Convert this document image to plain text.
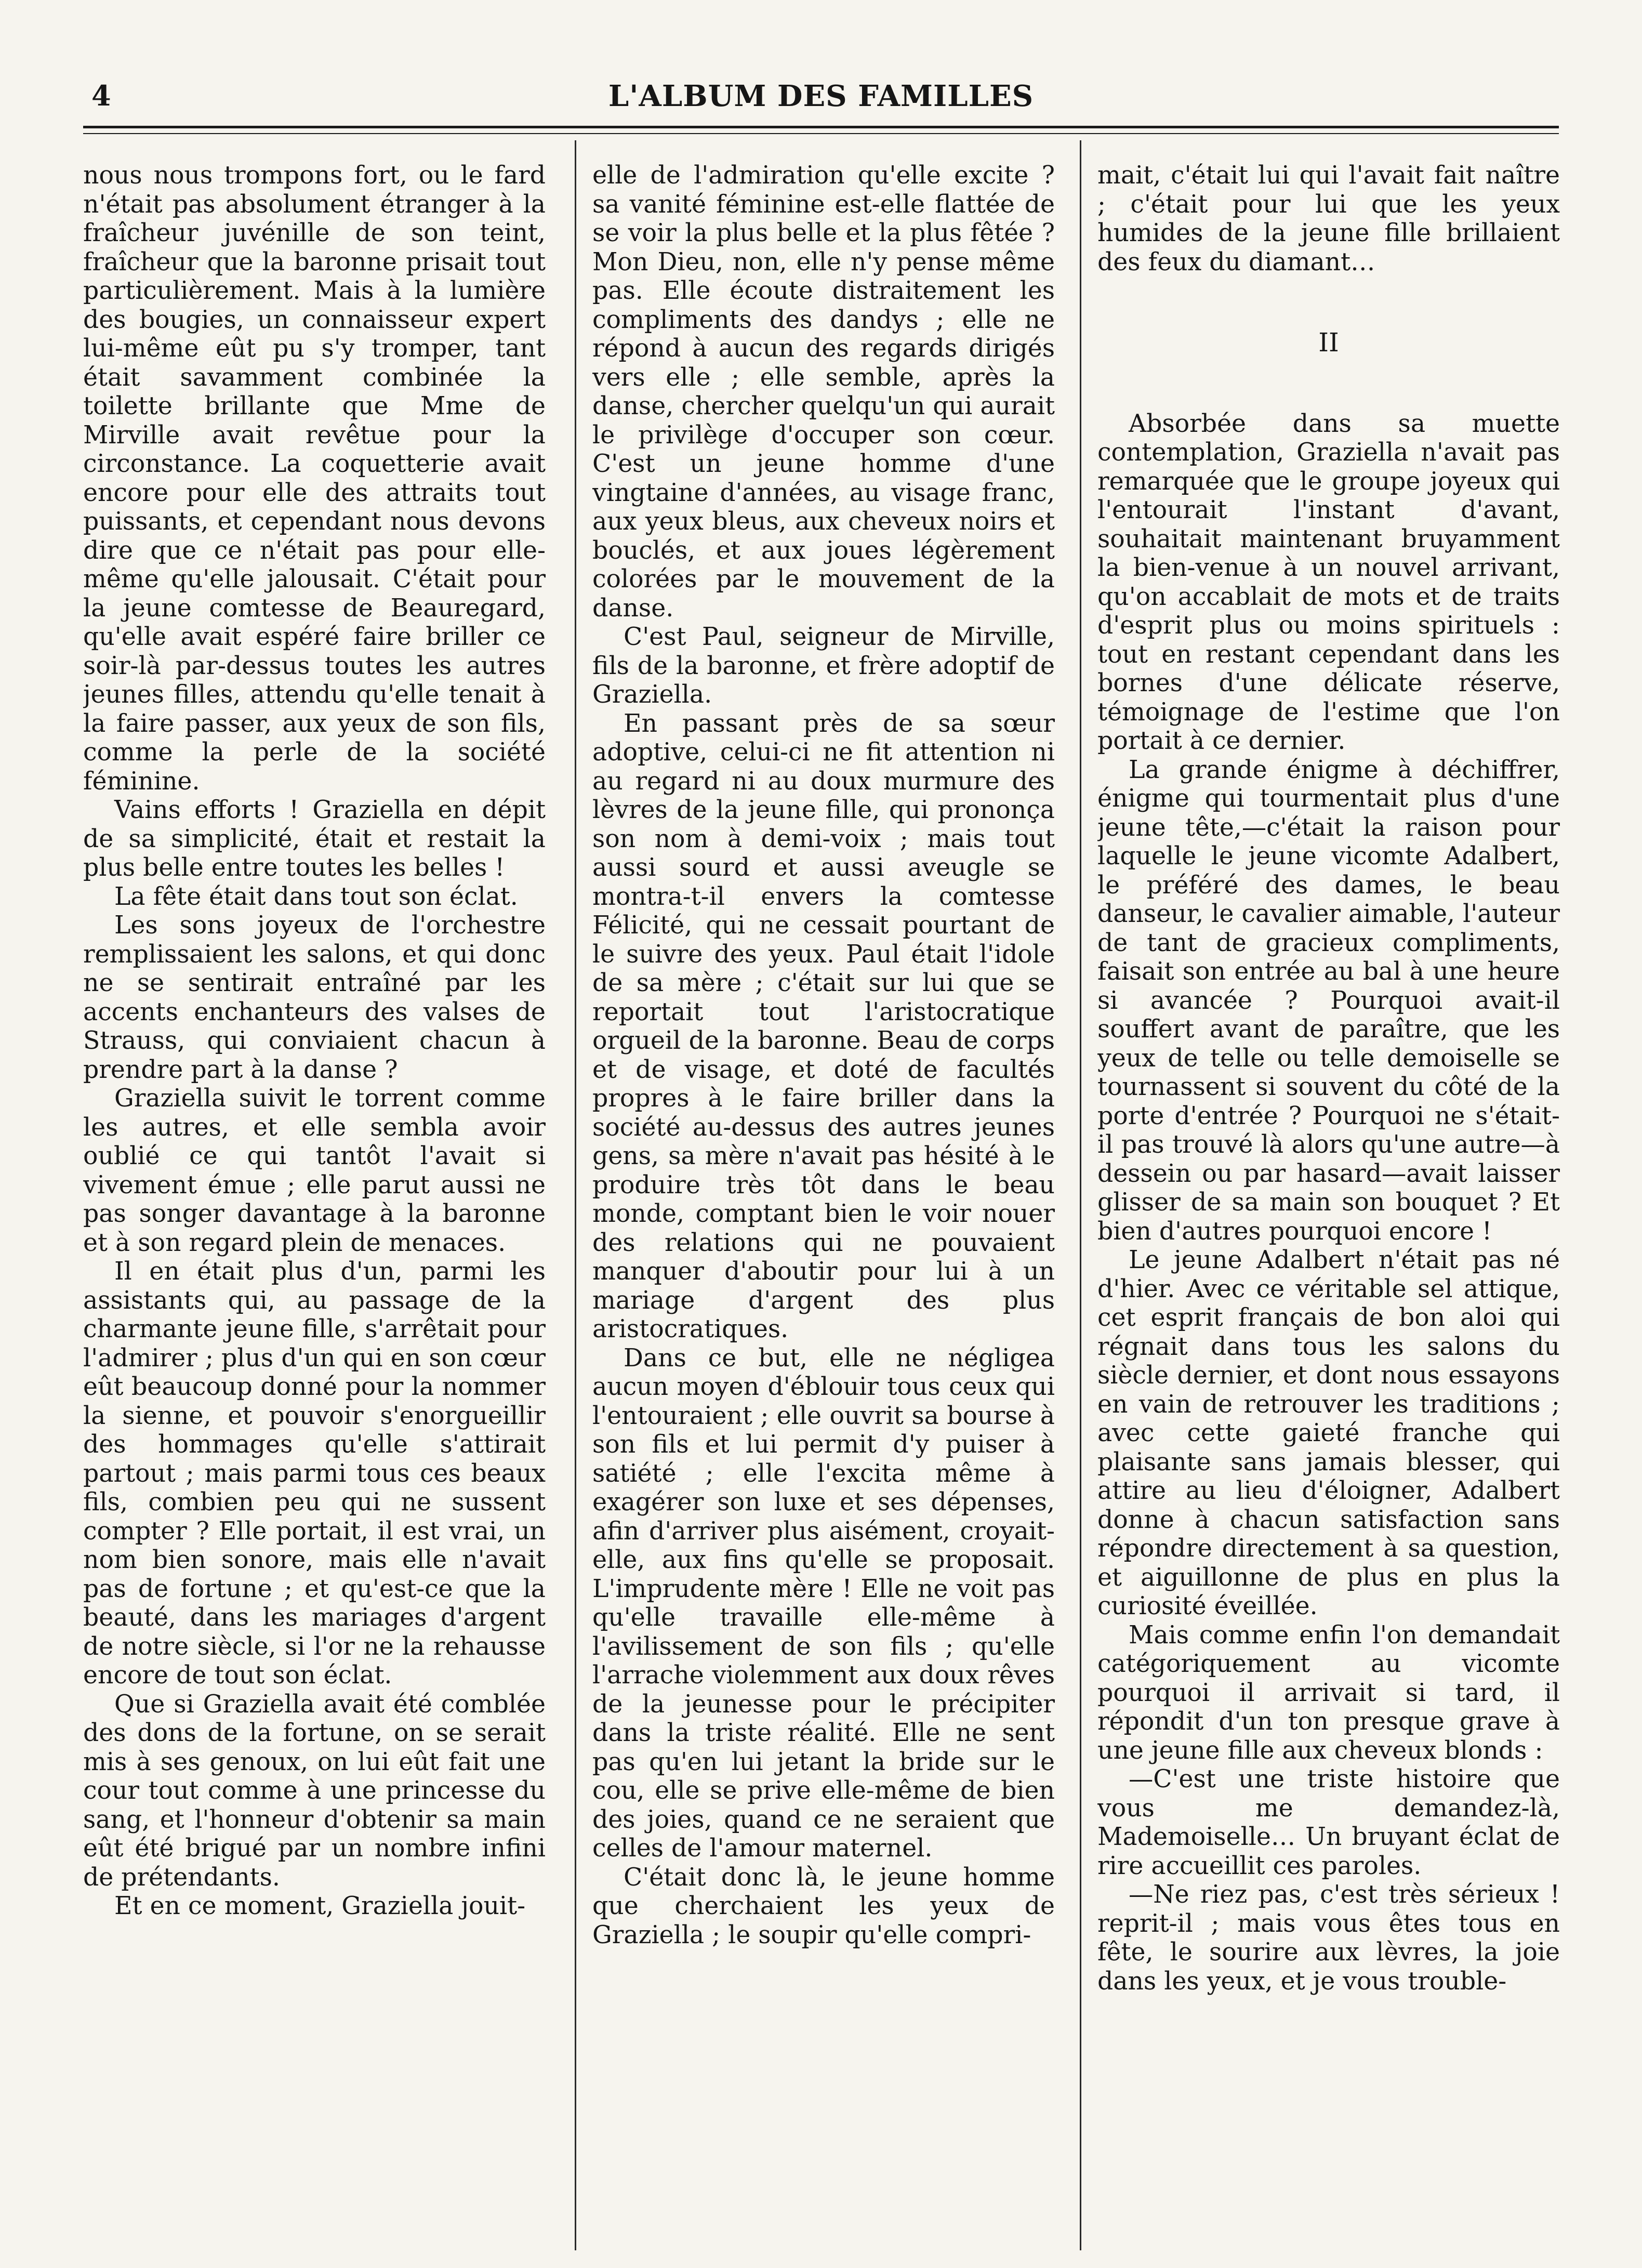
4	L'ALBUM DES FAMILLES

nous nous trompons fort, ou le fard n'était pas absolument étranger à la fraîcheur juvénille de son teint, fraîcheur que la baronne prisait tout particulièrement. Mais à la lumière des bougies, un connaisseur expert lui-même eût pu s'y tromper, tant était savamment combinée la toilette brillante que Mme de Mirville avait revêtue pour la circonstance. La coquetterie avait encore pour elle des attraits tout puissants, et cependant nous devons dire que ce n'était pas pour elle-même qu'elle jalousait. C'était pour la jeune comtesse de Beauregard, qu'elle avait espéré faire briller ce soir-là par-dessus toutes les autres jeunes filles, attendu qu'elle tenait à la faire passer, aux yeux de son fils, comme la perle de la société féminine.

Vains efforts ! Graziella en dépit de sa simplicité, était et restait la plus belle entre toutes les belles !

La fête était dans tout son éclat.

Les sons joyeux de l'orchestre remplissaient les salons, et qui donc ne se sentirait entraîné par les accents enchanteurs des valses de Strauss, qui conviaient chacun à prendre part à la danse ?

Graziella suivit le torrent comme les autres, et elle sembla avoir oublié ce qui tantôt l'avait si vivement émue ; elle parut aussi ne pas songer davantage à la baronne et à son regard plein de menaces.

Il en était plus d'un, parmi les assistants qui, au passage de la charmante jeune fille, s'arrêtait pour l'admirer ; plus d'un qui en son cœur eût beaucoup donné pour la nommer la sienne, et pouvoir s'enorgueillir des hommages qu'elle s'attirait partout ; mais parmi tous ces beaux fils, combien peu qui ne sussent compter ? Elle portait, il est vrai, un nom bien sonore, mais elle n'avait pas de fortune ; et qu'est-ce que la beauté, dans les mariages d'argent de notre siècle, si l'or ne la rehausse encore de tout son éclat.

Que si Graziella avait été comblée des dons de la fortune, on se serait mis à ses genoux, on lui eût fait une cour tout comme à une princesse du sang, et l'honneur d'obtenir sa main eût été brigué par un nombre infini de prétendants.

Et en ce moment, Graziella jouit-

elle de l'admiration qu'elle excite ? sa vanité féminine est-elle flattée de se voir la plus belle et la plus fêtée ? Mon Dieu, non, elle n'y pense même pas. Elle écoute distraitement les compliments des dandys ; elle ne répond à aucun des regards dirigés vers elle ; elle semble, après la danse, chercher quelqu'un qui aurait le privilège d'occuper son cœur. C'est un jeune homme d'une vingtaine d'années, au visage franc, aux yeux bleus, aux cheveux noirs et bouclés, et aux joues légèrement colorées par le mouvement de la danse.

C'est Paul, seigneur de Mirville, fils de la baronne, et frère adoptif de Graziella.

En passant près de sa sœur adoptive, celui-ci ne fit attention ni au regard ni au doux murmure des lèvres de la jeune fille, qui prononça son nom à demi-voix ; mais tout aussi sourd et aussi aveugle se montra-t-il envers la comtesse Félicité, qui ne cessait pourtant de le suivre des yeux. Paul était l'idole de sa mère ; c'était sur lui que se reportait tout l'aristocratique orgueil de la baronne. Beau de corps et de visage, et doté de facultés propres à le faire briller dans la société au-dessus des autres jeunes gens, sa mère n'avait pas hésité à le produire très tôt dans le beau monde, comptant bien le voir nouer des relations qui ne pouvaient manquer d'aboutir pour lui à un mariage d'argent des plus aristocratiques.

Dans ce but, elle ne négligea aucun moyen d'éblouir tous ceux qui l'entouraient ; elle ouvrit sa bourse à son fils et lui permit d'y puiser à satiété ; elle l'excita même à exagérer son luxe et ses dépenses, afin d'arriver plus aisément, croyait-elle, aux fins qu'elle se proposait. L'imprudente mère ! Elle ne voit pas qu'elle travaille elle-même à l'avilissement de son fils ; qu'elle l'arrache violemment aux doux rêves de la jeunesse pour le précipiter dans la triste réalité. Elle ne sent pas qu'en lui jetant la bride sur le cou, elle se prive elle-même de bien des joies, quand ce ne seraient que celles de l'amour maternel.

C'était donc là, le jeune homme que cherchaient les yeux de Graziella ; le soupir qu'elle compri-

mait, c'était lui qui l'avait fait naître ; c'était pour lui que les yeux humides de la jeune fille brillaient des feux du diamant…

II

Absorbée dans sa muette contemplation, Graziella n'avait pas remarquée que le groupe joyeux qui l'entourait l'instant d'avant, souhaitait maintenant bruyamment la bien-venue à un nouvel arrivant, qu'on accablait de mots et de traits d'esprit plus ou moins spirituels : tout en restant cependant dans les bornes d'une délicate réserve, témoignage de l'estime que l'on portait à ce dernier.

La grande énigme à déchiffrer, énigme qui tourmentait plus d'une jeune tête,—c'était la raison pour laquelle le jeune vicomte Adalbert, le préféré des dames, le beau danseur, le cavalier aimable, l'auteur de tant de gracieux compliments, faisait son entrée au bal à une heure si avancée ? Pourquoi avait-il souffert avant de paraître, que les yeux de telle ou telle demoiselle se tournassent si souvent du côté de la porte d'entrée ? Pourquoi ne s'était-il pas trouvé là alors qu'une autre—à dessein ou par hasard—avait laisser glisser de sa main son bouquet ? Et bien d'autres pourquoi encore !

Le jeune Adalbert n'était pas né d'hier. Avec ce véritable sel attique, cet esprit français de bon aloi qui régnait dans tous les salons du siècle dernier, et dont nous essayons en vain de retrouver les traditions ; avec cette gaieté franche qui plaisante sans jamais blesser, qui attire au lieu d'éloigner, Adalbert donne à chacun satisfaction sans répondre directement à sa question, et aiguillonne de plus en plus la curiosité éveillée.

Mais comme enfin l'on demandait catégoriquement au vicomte pourquoi il arrivait si tard, il répondit d'un ton presque grave à une jeune fille aux cheveux blonds :

—C'est une triste histoire que vous me demandez-là, Mademoiselle… Un bruyant éclat de rire accueillit ces paroles.

—Ne riez pas, c'est très sérieux ! reprit-il ; mais vous êtes tous en fête, le sourire aux lèvres, la joie dans les yeux, et je vous trouble-
